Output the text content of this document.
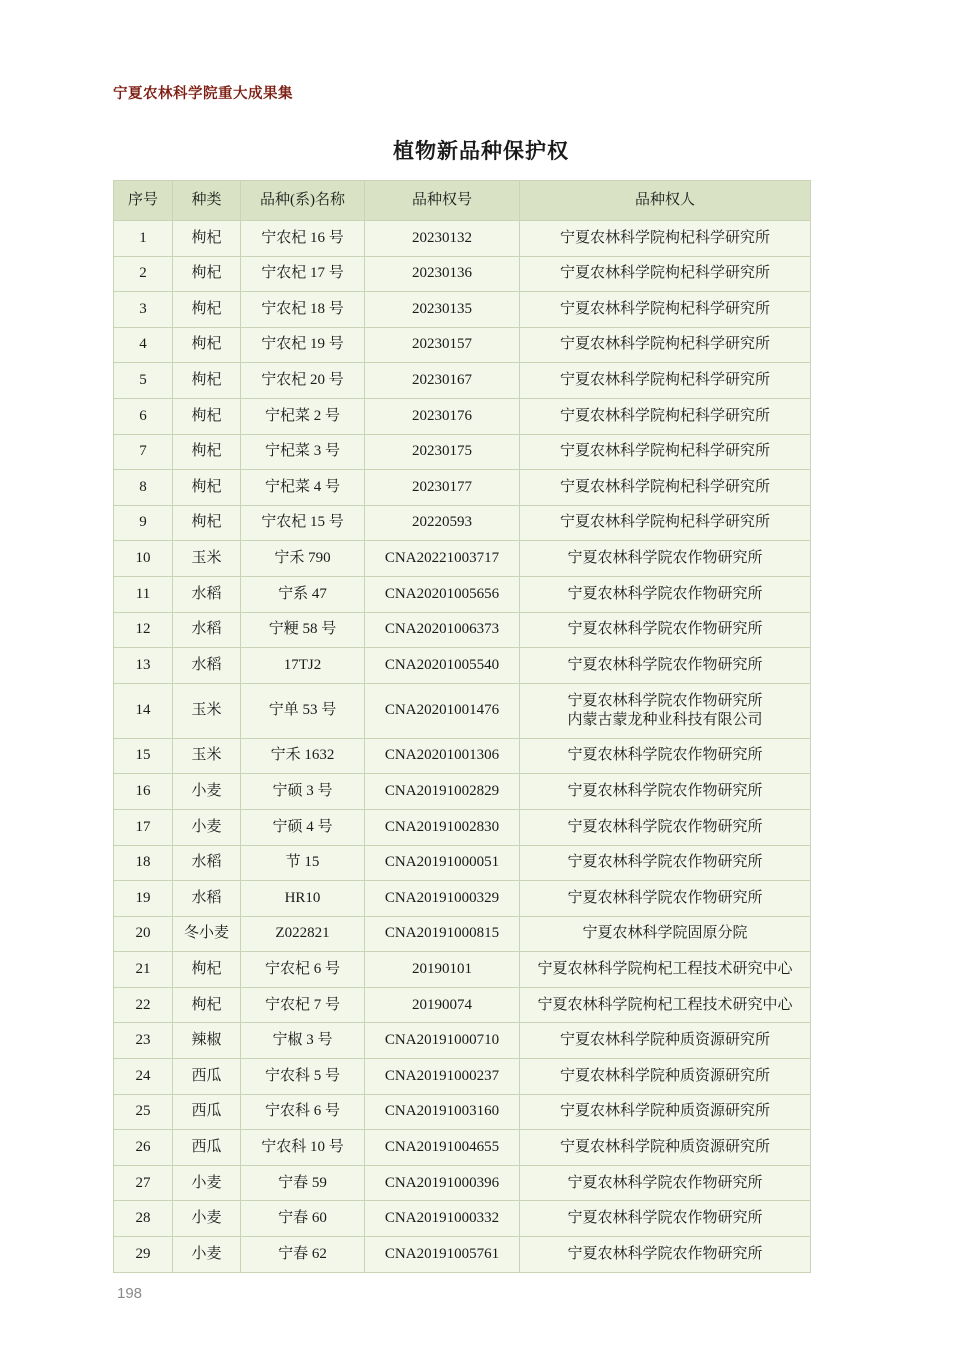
宁夏农林科学院重大成果集
植物新品种保护权
序号	种类	品种(系)名称	品种权号	品种权人
1	枸杞	宁农杞 16 号	20230132	宁夏农林科学院枸杞科学研究所
2	枸杞	宁农杞 17 号	20230136	宁夏农林科学院枸杞科学研究所
3	枸杞	宁农杞 18 号	20230135	宁夏农林科学院枸杞科学研究所
4	枸杞	宁农杞 19 号	20230157	宁夏农林科学院枸杞科学研究所
5	枸杞	宁农杞 20 号	20230167	宁夏农林科学院枸杞科学研究所
6	枸杞	宁杞菜 2 号	20230176	宁夏农林科学院枸杞科学研究所
7	枸杞	宁杞菜 3 号	20230175	宁夏农林科学院枸杞科学研究所
8	枸杞	宁杞菜 4 号	20230177	宁夏农林科学院枸杞科学研究所
9	枸杞	宁农杞 15 号	20220593	宁夏农林科学院枸杞科学研究所
10	玉米	宁禾 790	CNA20221003717	宁夏农林科学院农作物研究所
11	水稻	宁系 47	CNA20201005656	宁夏农林科学院农作物研究所
12	水稻	宁粳 58 号	CNA20201006373	宁夏农林科学院农作物研究所
13	水稻	17TJ2	CNA20201005540	宁夏农林科学院农作物研究所
14	玉米	宁单 53 号	CNA20201001476	宁夏农林科学院农作物研究所
内蒙古蒙龙种业科技有限公司

15	玉米	宁禾 1632	CNA20201001306	宁夏农林科学院农作物研究所
16	小麦	宁硕 3 号	CNA20191002829	宁夏农林科学院农作物研究所
17	小麦	宁硕 4 号	CNA20191002830	宁夏农林科学院农作物研究所
18	水稻	节 15	CNA20191000051	宁夏农林科学院农作物研究所
19	水稻	HR10	CNA20191000329	宁夏农林科学院农作物研究所
20	冬小麦	Z022821	CNA20191000815	宁夏农林科学院固原分院
21	枸杞	宁农杞 6 号	20190101	宁夏农林科学院枸杞工程技术研究中心
22	枸杞	宁农杞 7 号	20190074	宁夏农林科学院枸杞工程技术研究中心
23	辣椒	宁椒 3 号	CNA20191000710	宁夏农林科学院种质资源研究所
24	西瓜	宁农科 5 号	CNA20191000237	宁夏农林科学院种质资源研究所
25	西瓜	宁农科 6 号	CNA20191003160	宁夏农林科学院种质资源研究所
26	西瓜	宁农科 10 号	CNA20191004655	宁夏农林科学院种质资源研究所
27	小麦	宁春 59	CNA20191000396	宁夏农林科学院农作物研究所
28	小麦	宁春 60	CNA20191000332	宁夏农林科学院农作物研究所
29	小麦	宁春 62	CNA20191005761	宁夏农林科学院农作物研究所
198
